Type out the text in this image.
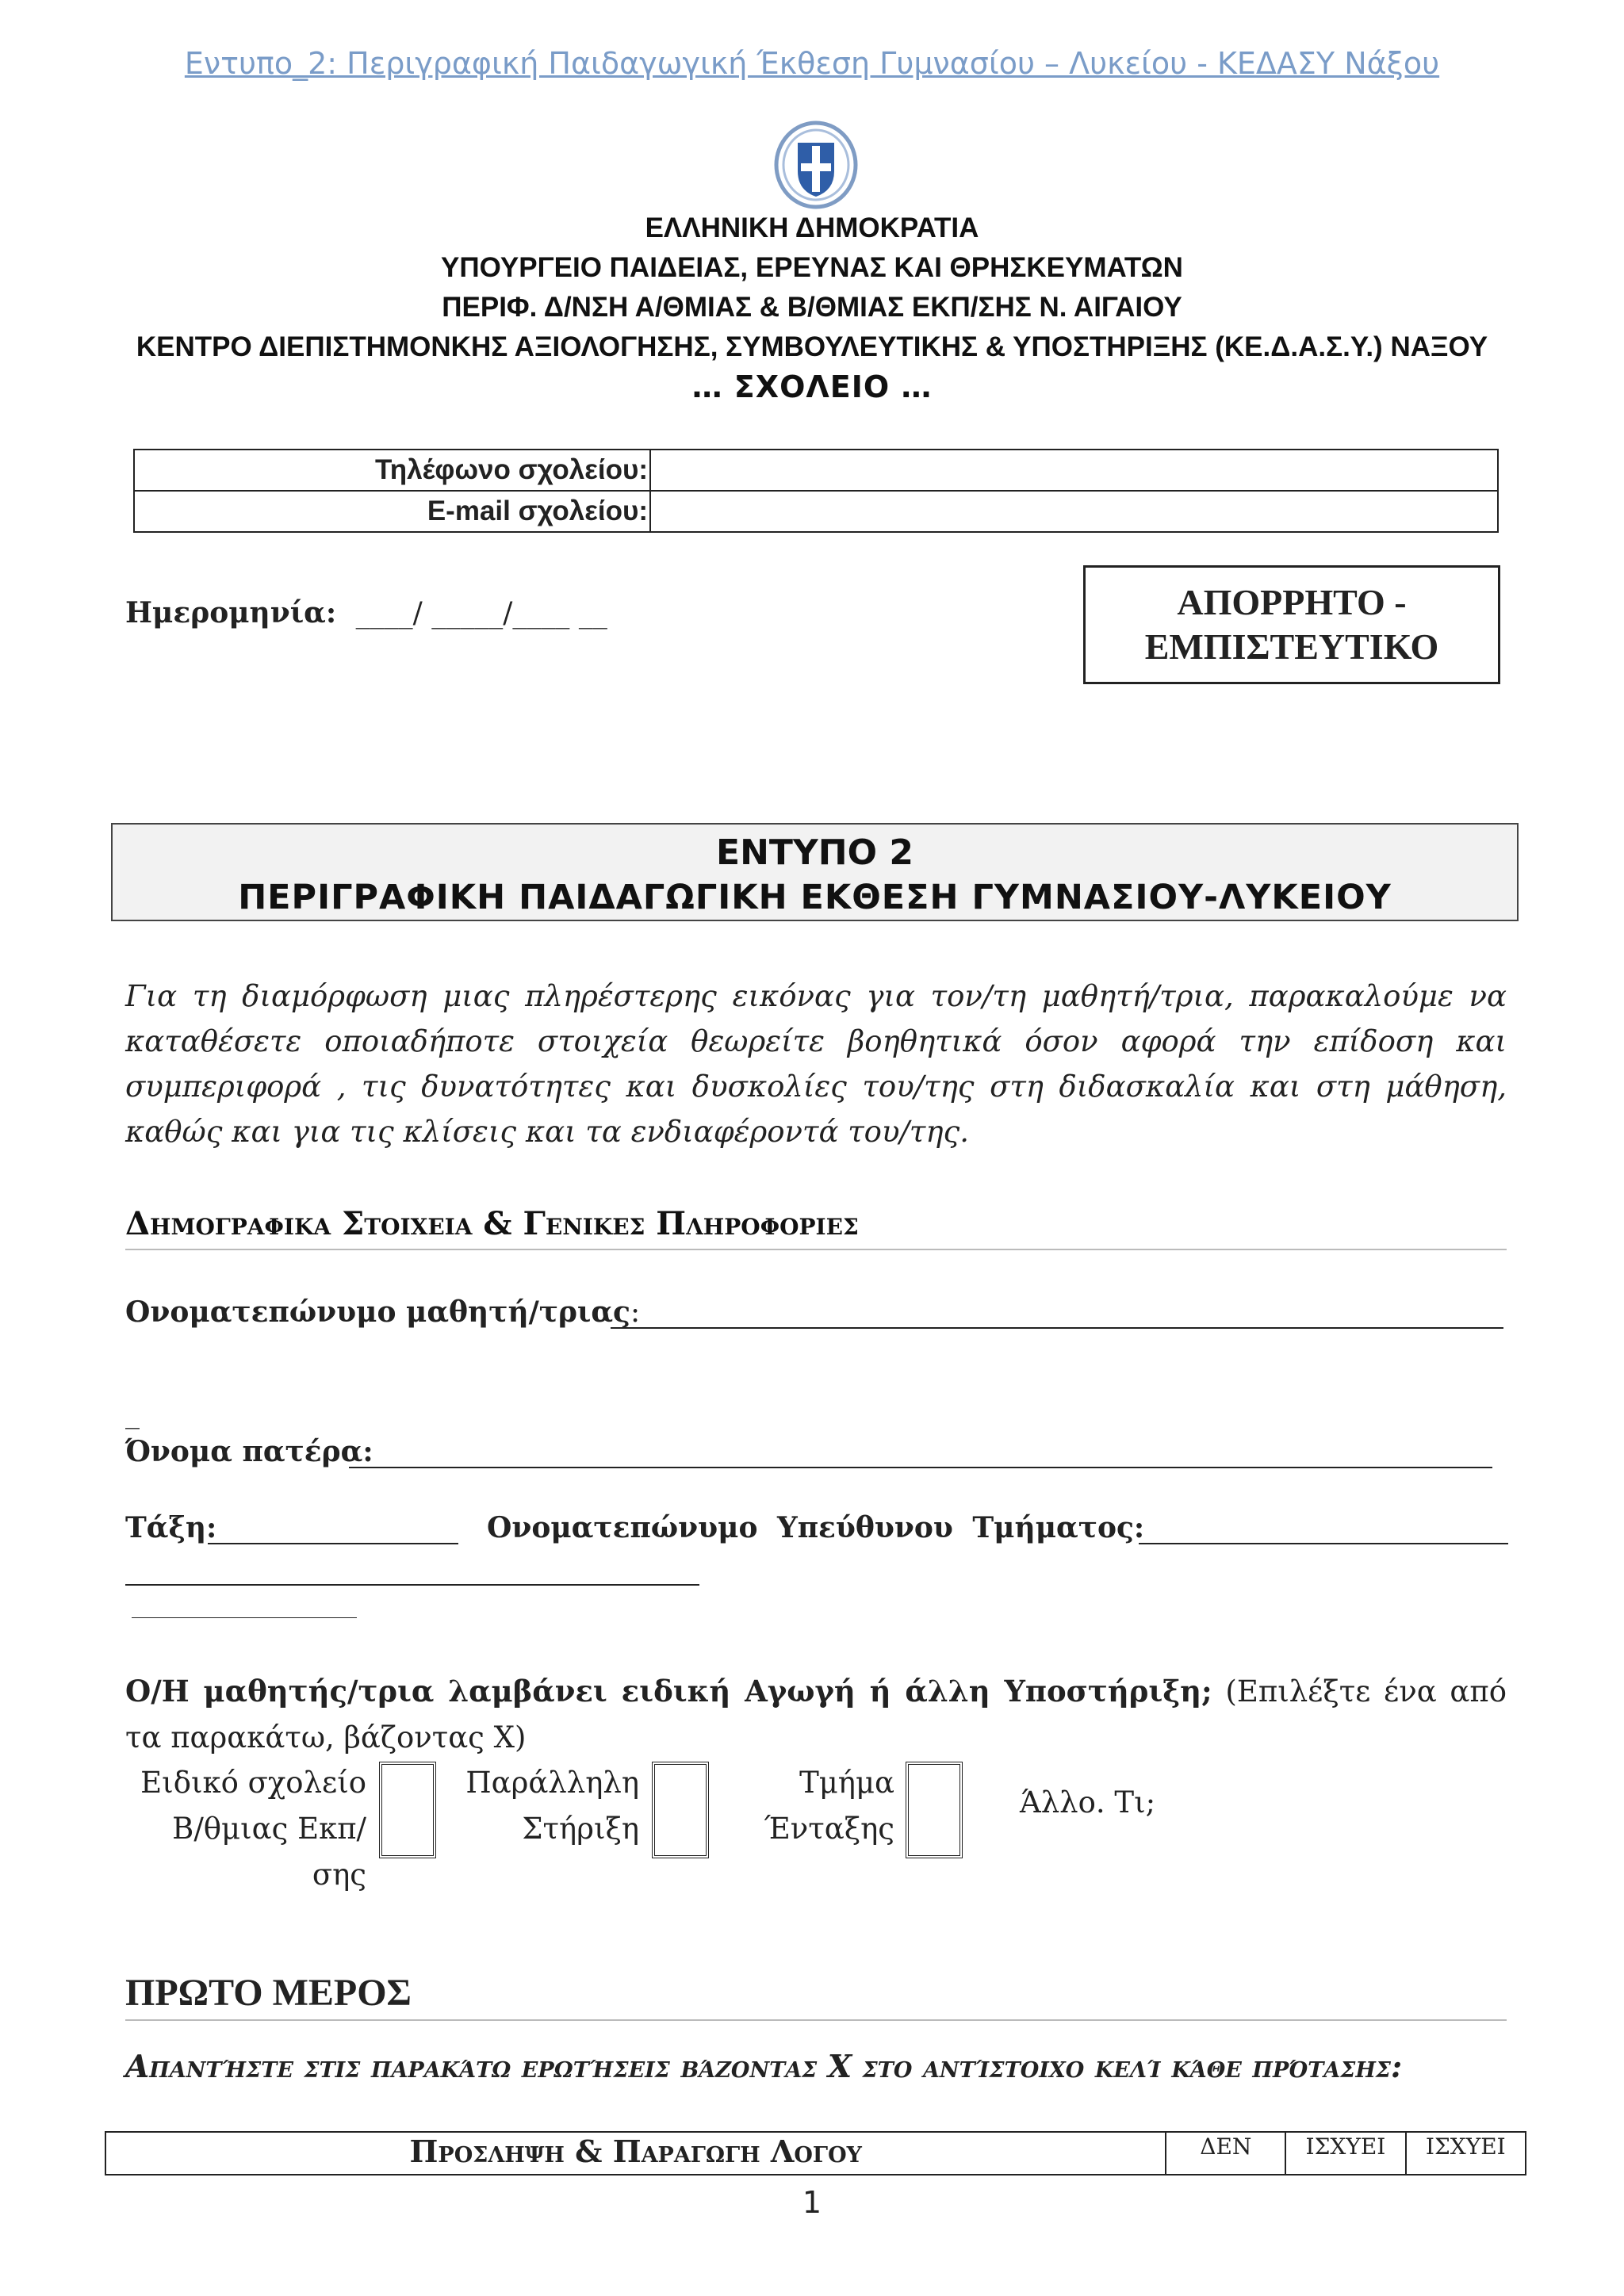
Εντυπο_2: Περιγραφική Παιδαγωγική Έκθεση Γυμνασίου – Λυκείου - ΚΕΔΑΣΥ Νάξου
ΕΛΛΗΝΙΚΗ ΔΗΜΟΚΡΑΤΙΑ
ΥΠΟΥΡΓΕΙΟ ΠΑΙΔΕΙΑΣ, ΕΡΕΥΝΑΣ ΚΑΙ ΘΡΗΣΚΕΥΜΑΤΩΝ
ΠΕΡΙΦ. Δ/ΝΣΗ Α/ΘΜΙΑΣ & Β/ΘΜΙΑΣ ΕΚΠ/ΣΗΣ Ν. ΑΙΓΑΙΟΥ
ΚΕΝΤΡΟ ΔΙΕΠΙΣΤΗΜΟΝΚΗΣ ΑΞΙΟΛΟΓΗΣΗΣ, ΣΥΜΒΟΥΛΕΥΤΙΚΗΣ & ΥΠΟΣΤΗΡΙΞΗΣ (ΚΕ.Δ.Α.Σ.Υ.) ΝΑΞΟΥ
… ΣΧΟΛΕΙΟ …
Τηλέφωνο σχολείου:	
E-mail σχολείου:	
Ημερομηνία: ____/ _____/____ __	ΑΠΟΡΡΗΤΟ -
ΕΜΠΙΣΤΕΥΤΙΚΟ
ΕΝΤΥΠΟ 2
ΠΕΡΙΓΡΑΦΙΚΗ ΠΑΙΔΑΓΩΓΙΚΗ ΕΚΘΕΣΗ ΓΥΜΝΑΣΙΟΥ-ΛΥΚΕΙΟΥ
Για τη διαμόρφωση μιας πληρέστερης εικόνας για τον/τη μαθητή/τρια, παρακαλούμε να καταθέσετε οποιαδήποτε στοιχεία θεωρείτε βοηθητικά όσον αφορά την επίδοση και συμπεριφορά , τις δυνατότητες και δυσκολίες του/της στη διδασκαλία και στη μάθηση, καθώς και για τις κλίσεις και τα ενδιαφέροντά του/της.
Δημογραφικα Στοιχεια & Γενικες Πληροφοριες
Ονοματεπώνυμο μαθητή/τριας:
_
Όνομα πατέρα:
Τάξη:	Ονοματεπώνυμο Υπεύθυνου Τμήματος:
Ο/Η μαθητής/τρια λαμβάνει ειδική Αγωγή ή άλλη Υποστήριξη; (Επιλέξτε ένα από τα παρακάτω, βάζοντας Χ)
Ειδικό σχολείο
Β/θμιας Εκπ/σης
Παράλληλη
Στήριξη
Τμήμα
Ένταξης
Άλλο. Τι;
ΠΡΩΤΟ ΜΕΡΟΣ
Απαντήστε στις παρακάτω ερωτήσεις βάζοντας Χ στο αντίστοιχο κελί κάθε πρότασης:
Προσληψη & Παραγωγη Λογου	ΔΕΝ	ΙΣΧΥΕΙ	ΙΣΧΥΕΙ
1
